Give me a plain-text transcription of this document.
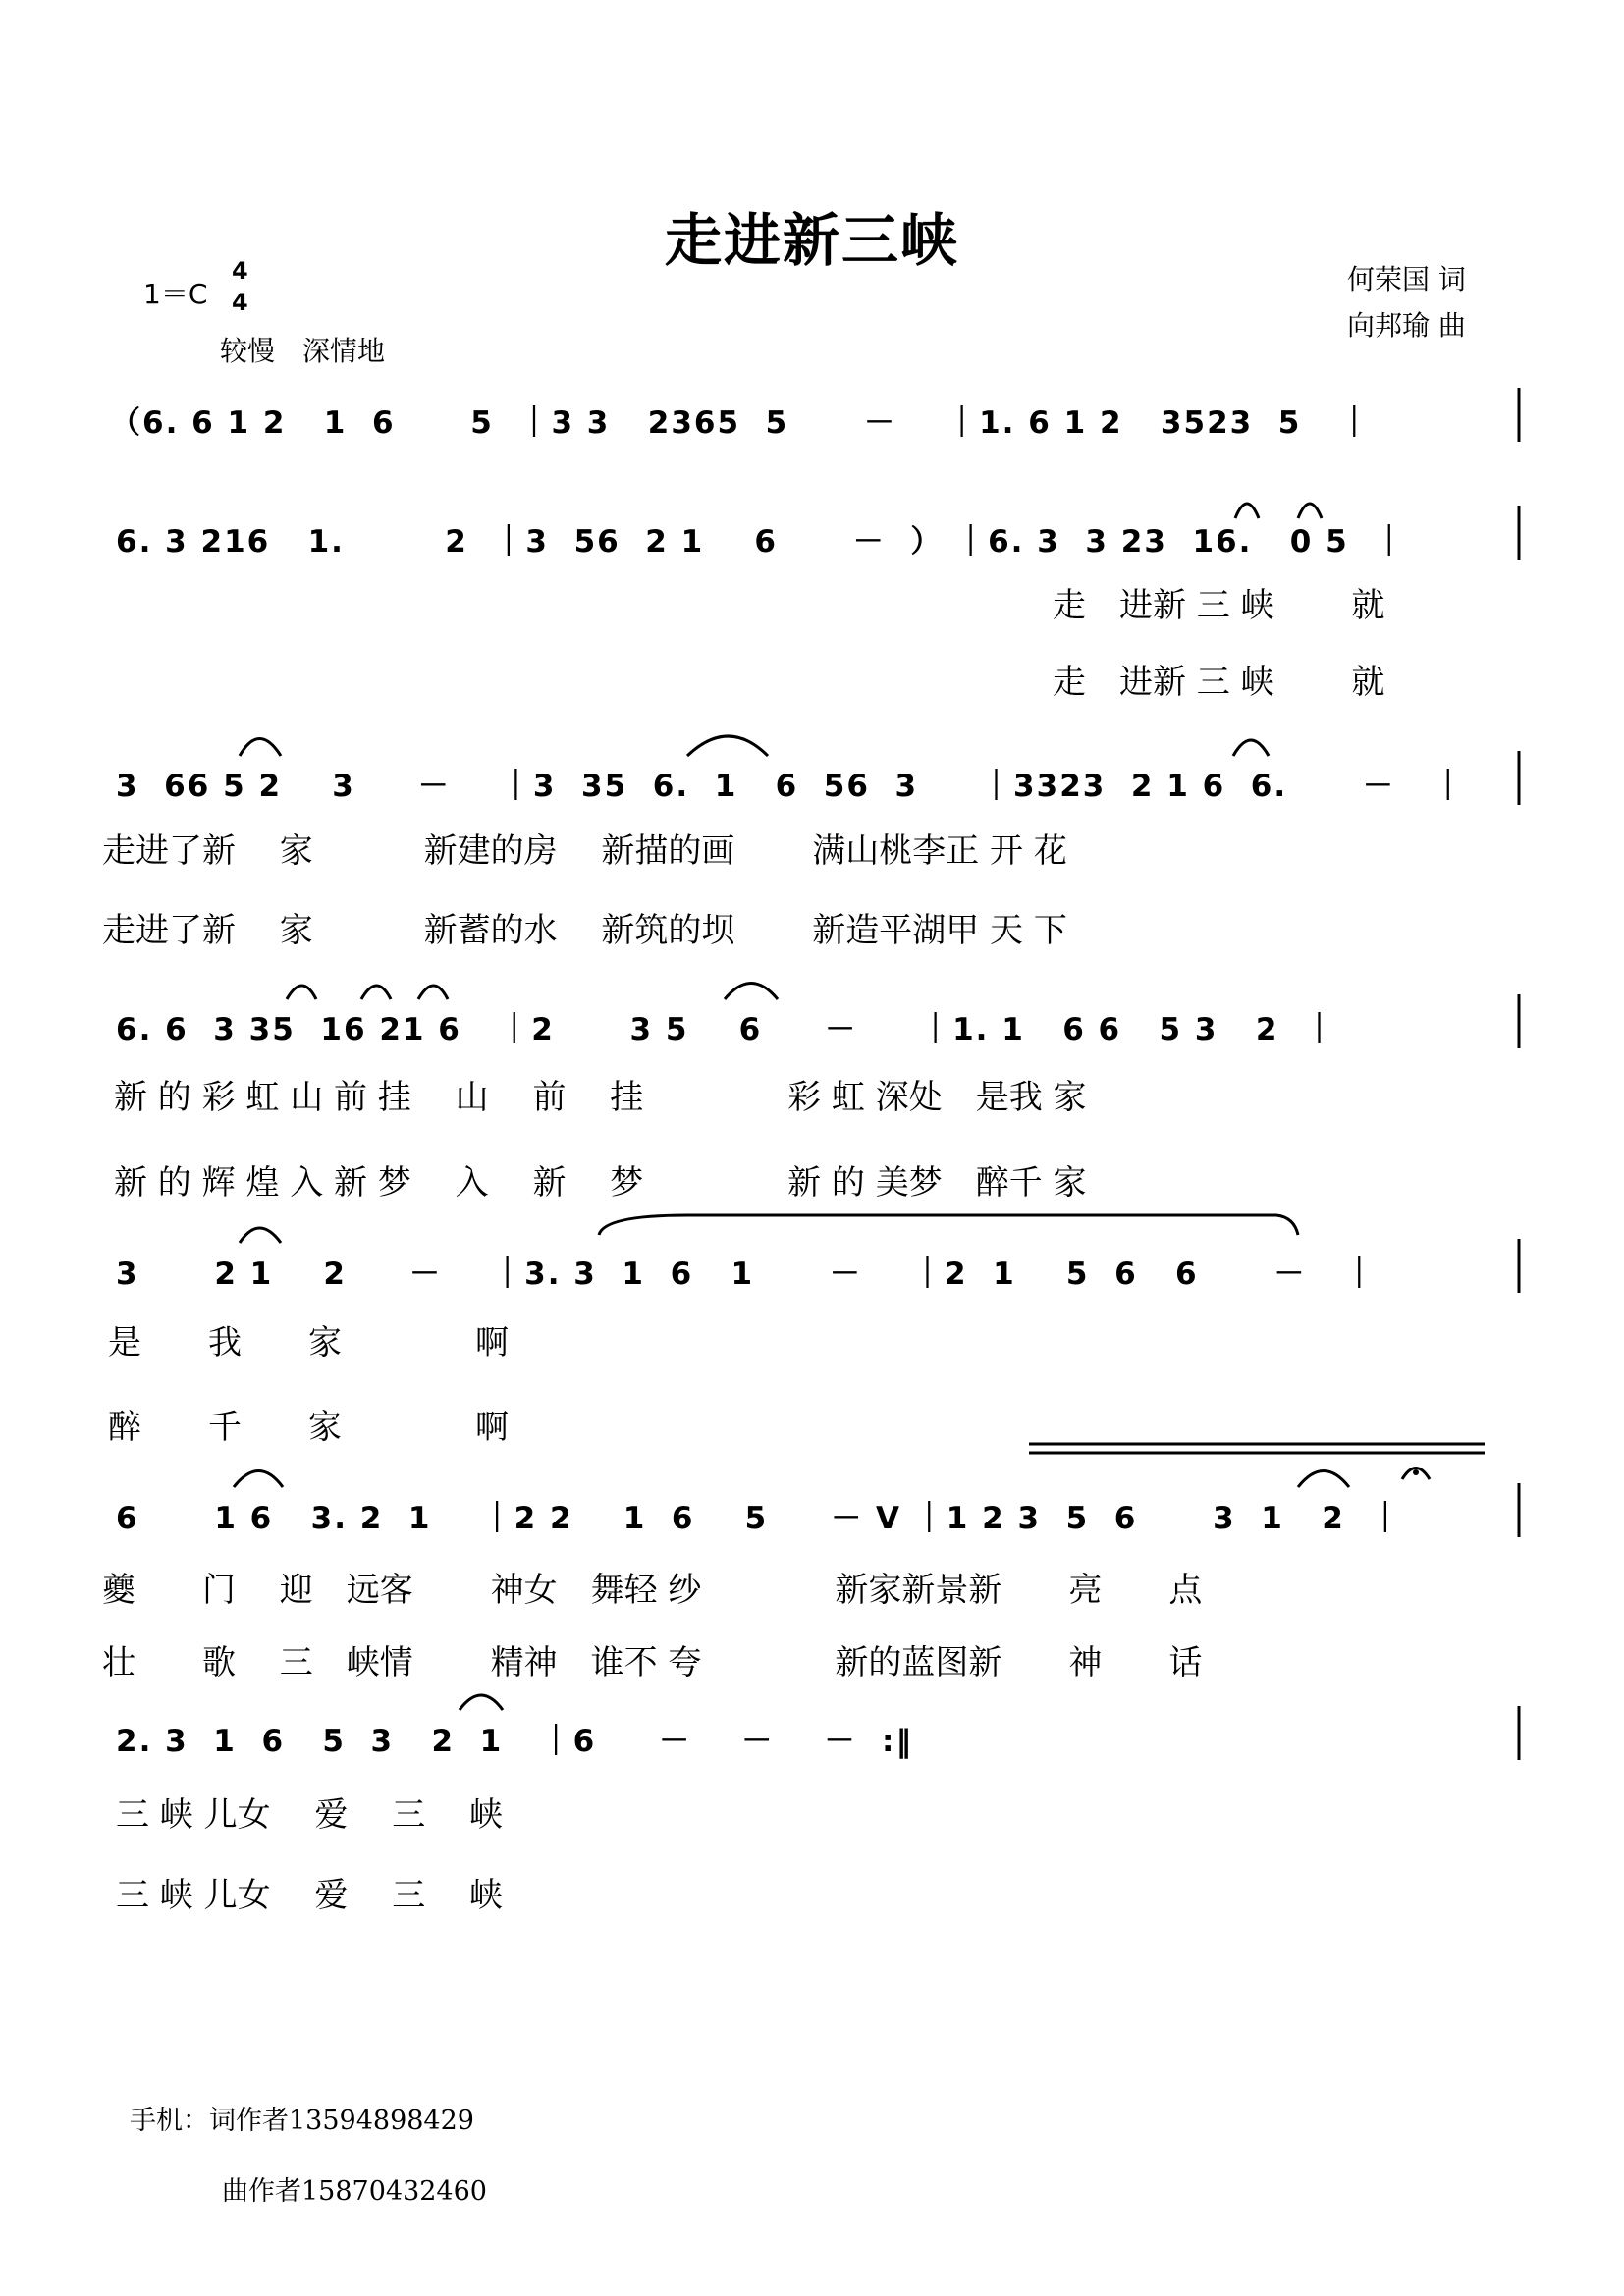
走进新三峡
1＝C
4
4
较慢　深情地
何荣国 词
向邦瑜 曲
（6. 6 1 2   1  6      5  ｜3 3   2365  5      －    ｜1. 6 1 2   3523  5   ｜
6. 3 216   1.        2  ｜3  56  2 1    6      －  ） ｜6. 3  3 23  16.   0 5  ｜
走　进新 三 峡　　 就
走　进新 三 峡　　 就
3  66 5 2    3     －    ｜3  35  6.  1   6  56  3     ｜3323  2 1 6  6.      －   ｜
走进了新　 家　　　 新建的房　 新描的画　　 满山桃李正 开 花
走进了新　 家　　　 新蓄的水　 新筑的坝　　 新造平湖甲 天 下
6. 6  3 35  16 21 6   ｜2      3 5    6     －     ｜1. 1   6 6   5 3   2  ｜
新 的 彩 虹 山 前 挂　 山　 前　 挂　　　　 彩 虹 深处　是我 家
新 的 辉 煌 入 新 梦　 入　 新　 梦　　　　 新 的 美梦　醉千 家
3      2 1    2     －    ｜3. 3  1  6   1      －    ｜2  1    5  6   6      －   ｜
是　　我　　家　　　　啊
醉　　千　　家　　　　啊
6      1 6   3. 2  1    ｜2 2    1  6    5     － V ｜1 2 3  5  6      3  1   2  ｜
夔　　门　 迎　远客　　 神女　舞轻 纱　　　　新家新景新　　亮　　点
壮　　歌　 三　峡情　　 精神　谁不 夸　　　　新的蓝图新　　神　　话
2. 3  1  6   5  3   2  1   ｜6     －    －    －  :‖
三 峡 儿女　 爱　 三　 峡
三 峡 儿女　 爱　 三　 峡
手机：词作者13594898429
曲作者15870432460
